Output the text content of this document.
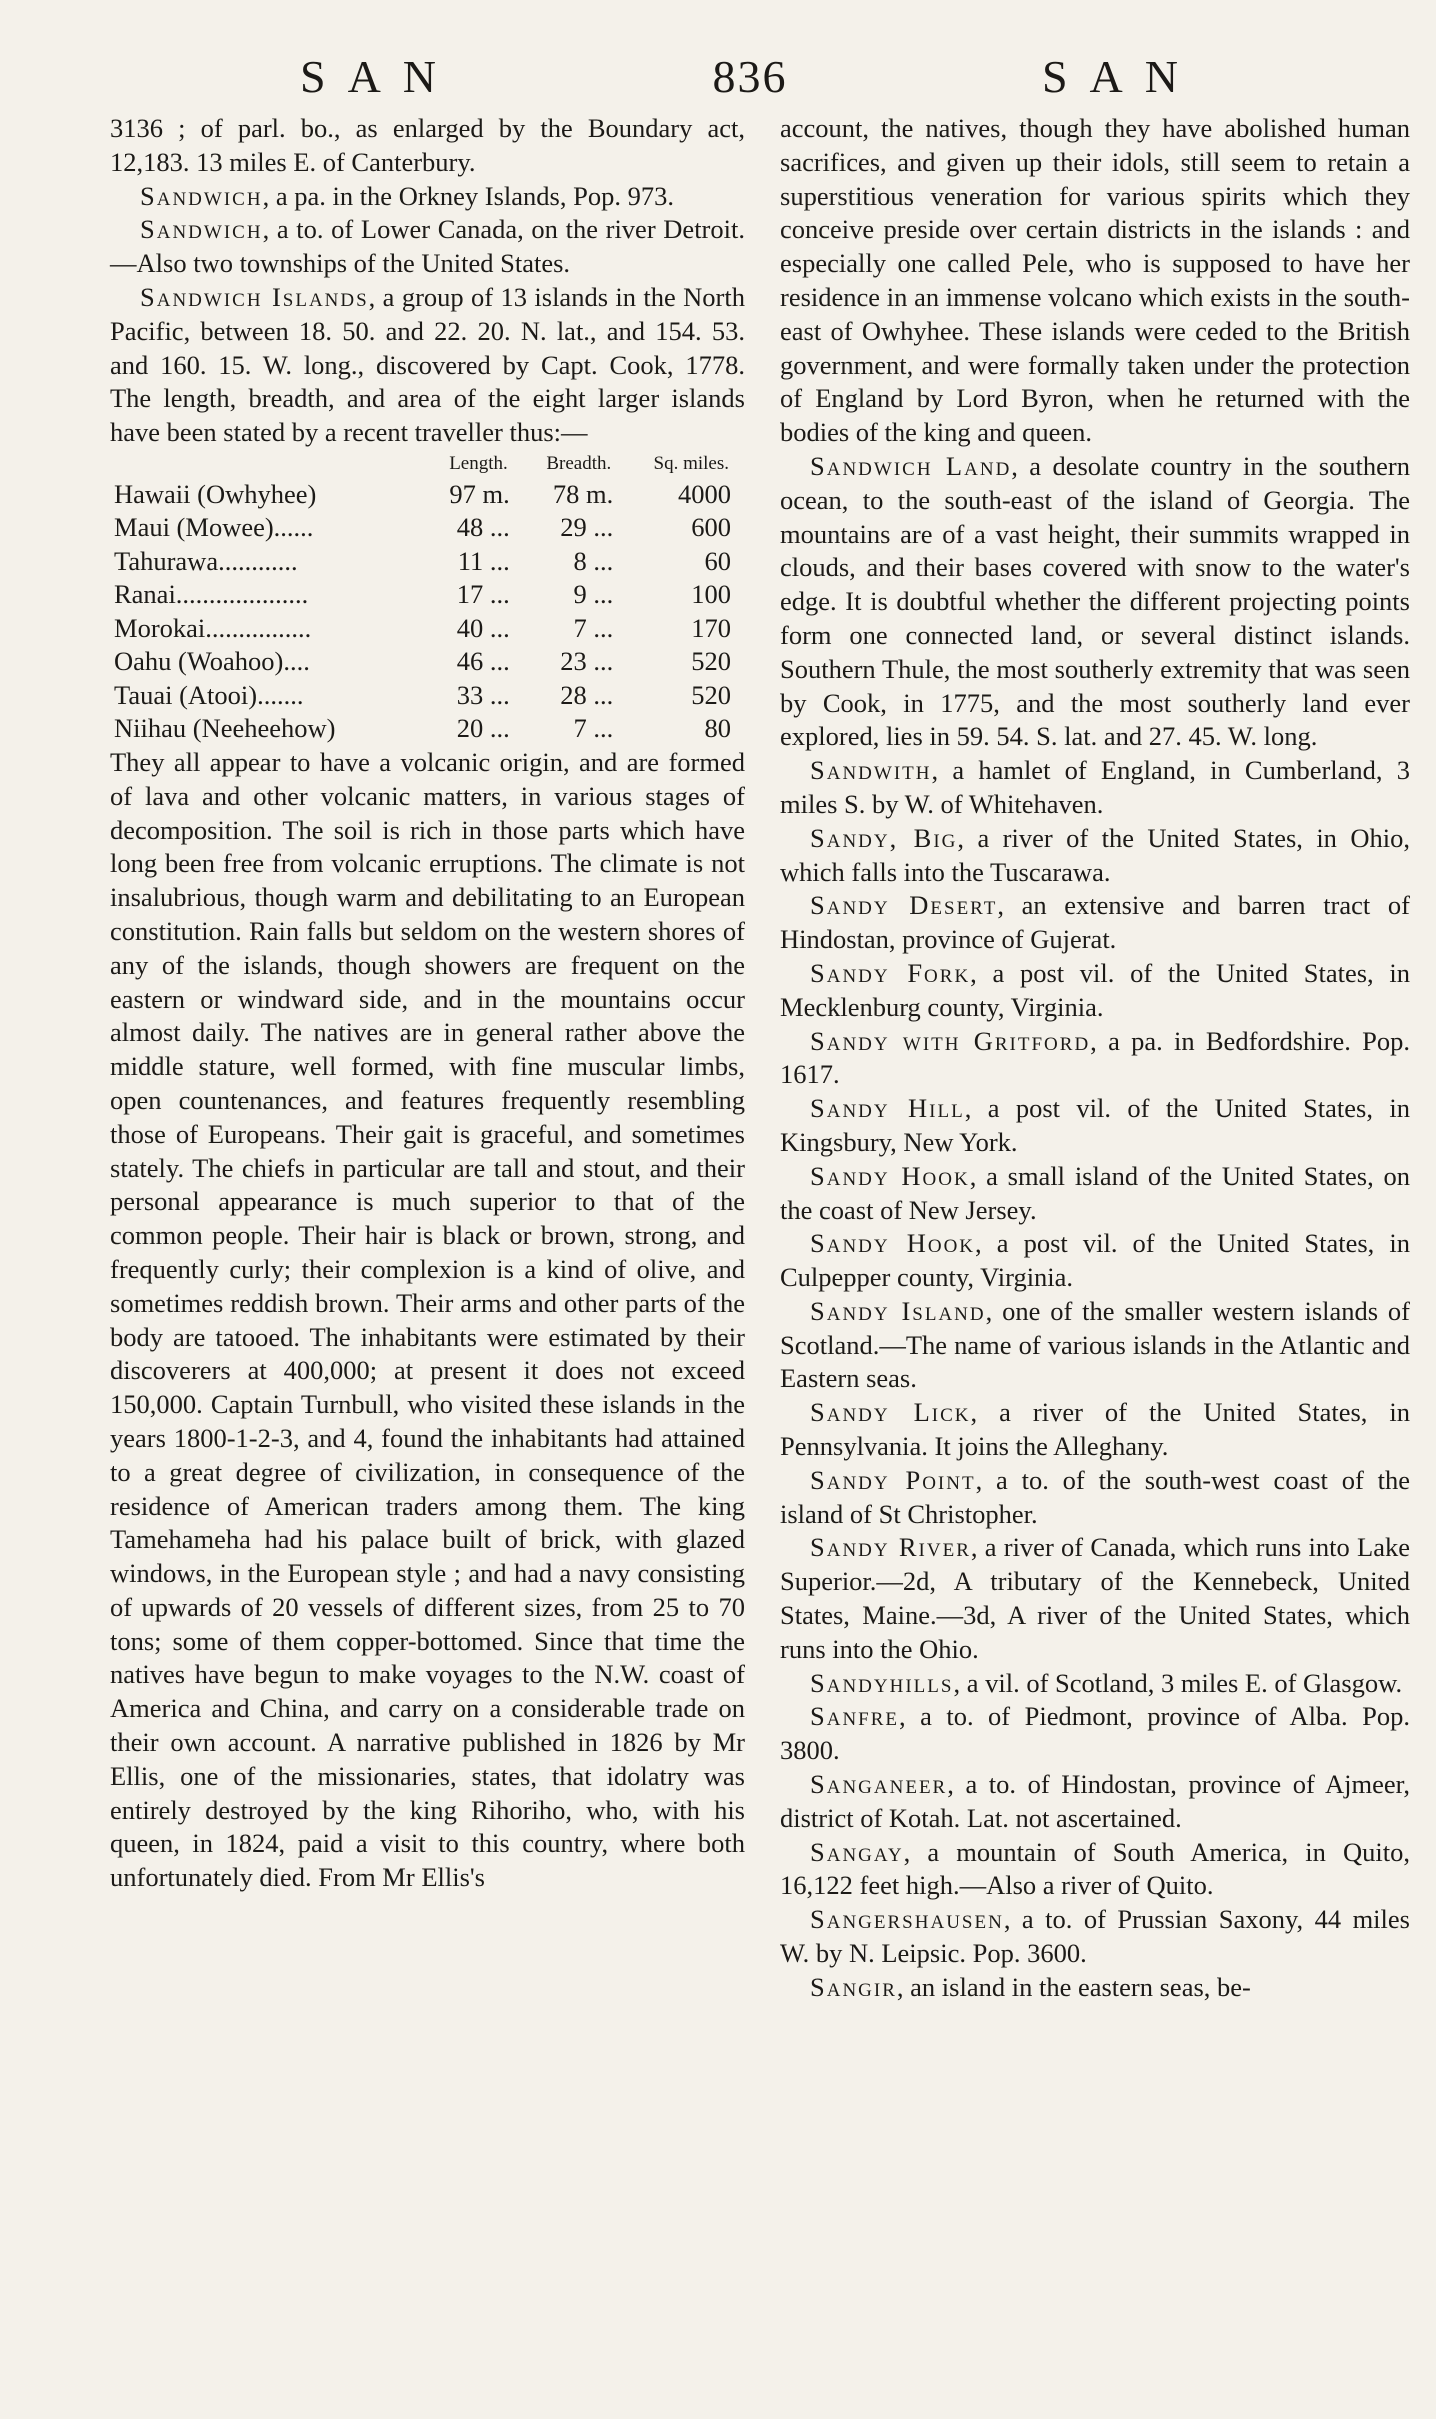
SAN	836	SAN

3136 ; of parl. bo., as enlarged by the Boundary act, 12,183. 13 miles E. of Canterbury.

Sandwich, a pa. in the Orkney Islands, Pop. 973.

Sandwich, a to. of Lower Canada, on the river Detroit.—Also two townships of the United States.

Sandwich Islands, a group of 13 islands in the North Pacific, between 18. 50. and 22. 20. N. lat., and 154. 53. and 160. 15. W. long., discovered by Capt. Cook, 1778. The length, breadth, and area of the eight larger islands have been stated by a recent traveller thus:—

	Length.	Breadth.	Sq. miles.
Hawaii (Owhyhee)	97 m.	78 m.	4000
Maui (Mowee)......	48 ...	29 ...	600
Tahurawa............	11 ...	8 ...	60
Ranai....................	17 ...	9 ...	100
Morokai................	40 ...	7 ...	170
Oahu (Woahoo)....	46 ...	23 ...	520
Tauai (Atooi).......	33 ...	28 ...	520
Niihau (Neeheehow)	20 ...	7 ...	80

They all appear to have a volcanic origin, and are formed of lava and other volcanic matters, in various stages of decomposition. The soil is rich in those parts which have long been free from volcanic erruptions. The climate is not insalubrious, though warm and debilitating to an European constitution. Rain falls but seldom on the western shores of any of the islands, though showers are frequent on the eastern or windward side, and in the mountains occur almost daily. The natives are in general rather above the middle stature, well formed, with fine muscular limbs, open countenances, and features frequently resembling those of Europeans. Their gait is graceful, and sometimes stately. The chiefs in particular are tall and stout, and their personal appearance is much superior to that of the common people. Their hair is black or brown, strong, and frequently curly; their complexion is a kind of olive, and sometimes reddish brown. Their arms and other parts of the body are tatooed. The inhabitants were estimated by their discoverers at 400,000; at present it does not exceed 150,000. Captain Turnbull, who visited these islands in the years 1800-1-2-3, and 4, found the inhabitants had attained to a great degree of civilization, in consequence of the residence of American traders among them. The king Tamehameha had his palace built of brick, with glazed windows, in the European style ; and had a navy consisting of upwards of 20 vessels of different sizes, from 25 to 70 tons; some of them copper-bottomed. Since that time the natives have begun to make voyages to the N.W. coast of America and China, and carry on a considerable trade on their own account. A narrative published in 1826 by Mr Ellis, one of the missionaries, states, that idolatry was entirely destroyed by the king Rihoriho, who, with his queen, in 1824, paid a visit to this country, where both unfortunately died. From Mr Ellis's

account, the natives, though they have abolished human sacrifices, and given up their idols, still seem to retain a superstitious veneration for various spirits which they conceive preside over certain districts in the islands : and especially one called Pele, who is supposed to have her residence in an immense volcano which exists in the south-east of Owhyhee. These islands were ceded to the British government, and were formally taken under the protection of England by Lord Byron, when he returned with the bodies of the king and queen.

Sandwich Land, a desolate country in the southern ocean, to the south-east of the island of Georgia. The mountains are of a vast height, their summits wrapped in clouds, and their bases covered with snow to the water's edge. It is doubtful whether the different projecting points form one connected land, or several distinct islands. Southern Thule, the most southerly extremity that was seen by Cook, in 1775, and the most southerly land ever explored, lies in 59. 54. S. lat. and 27. 45. W. long.

Sandwith, a hamlet of England, in Cumberland, 3 miles S. by W. of Whitehaven.

Sandy, Big, a river of the United States, in Ohio, which falls into the Tuscarawa.

Sandy Desert, an extensive and barren tract of Hindostan, province of Gujerat.

Sandy Fork, a post vil. of the United States, in Mecklenburg county, Virginia.

Sandy with Gritford, a pa. in Bedfordshire. Pop. 1617.

Sandy Hill, a post vil. of the United States, in Kingsbury, New York.

Sandy Hook, a small island of the United States, on the coast of New Jersey.

Sandy Hook, a post vil. of the United States, in Culpepper county, Virginia.

Sandy Island, one of the smaller western islands of Scotland.—The name of various islands in the Atlantic and Eastern seas.

Sandy Lick, a river of the United States, in Pennsylvania. It joins the Alleghany.

Sandy Point, a to. of the south-west coast of the island of St Christopher.

Sandy River, a river of Canada, which runs into Lake Superior.—2d, A tributary of the Kennebeck, United States, Maine.—3d, A river of the United States, which runs into the Ohio.

Sandyhills, a vil. of Scotland, 3 miles E. of Glasgow.

Sanfre, a to. of Piedmont, province of Alba. Pop. 3800.

Sanganeer, a to. of Hindostan, province of Ajmeer, district of Kotah. Lat. not ascertained.

Sangay, a mountain of South America, in Quito, 16,122 feet high.—Also a river of Quito.

Sangershausen, a to. of Prussian Saxony, 44 miles W. by N. Leipsic. Pop. 3600.

Sangir, an island in the eastern seas, be-
